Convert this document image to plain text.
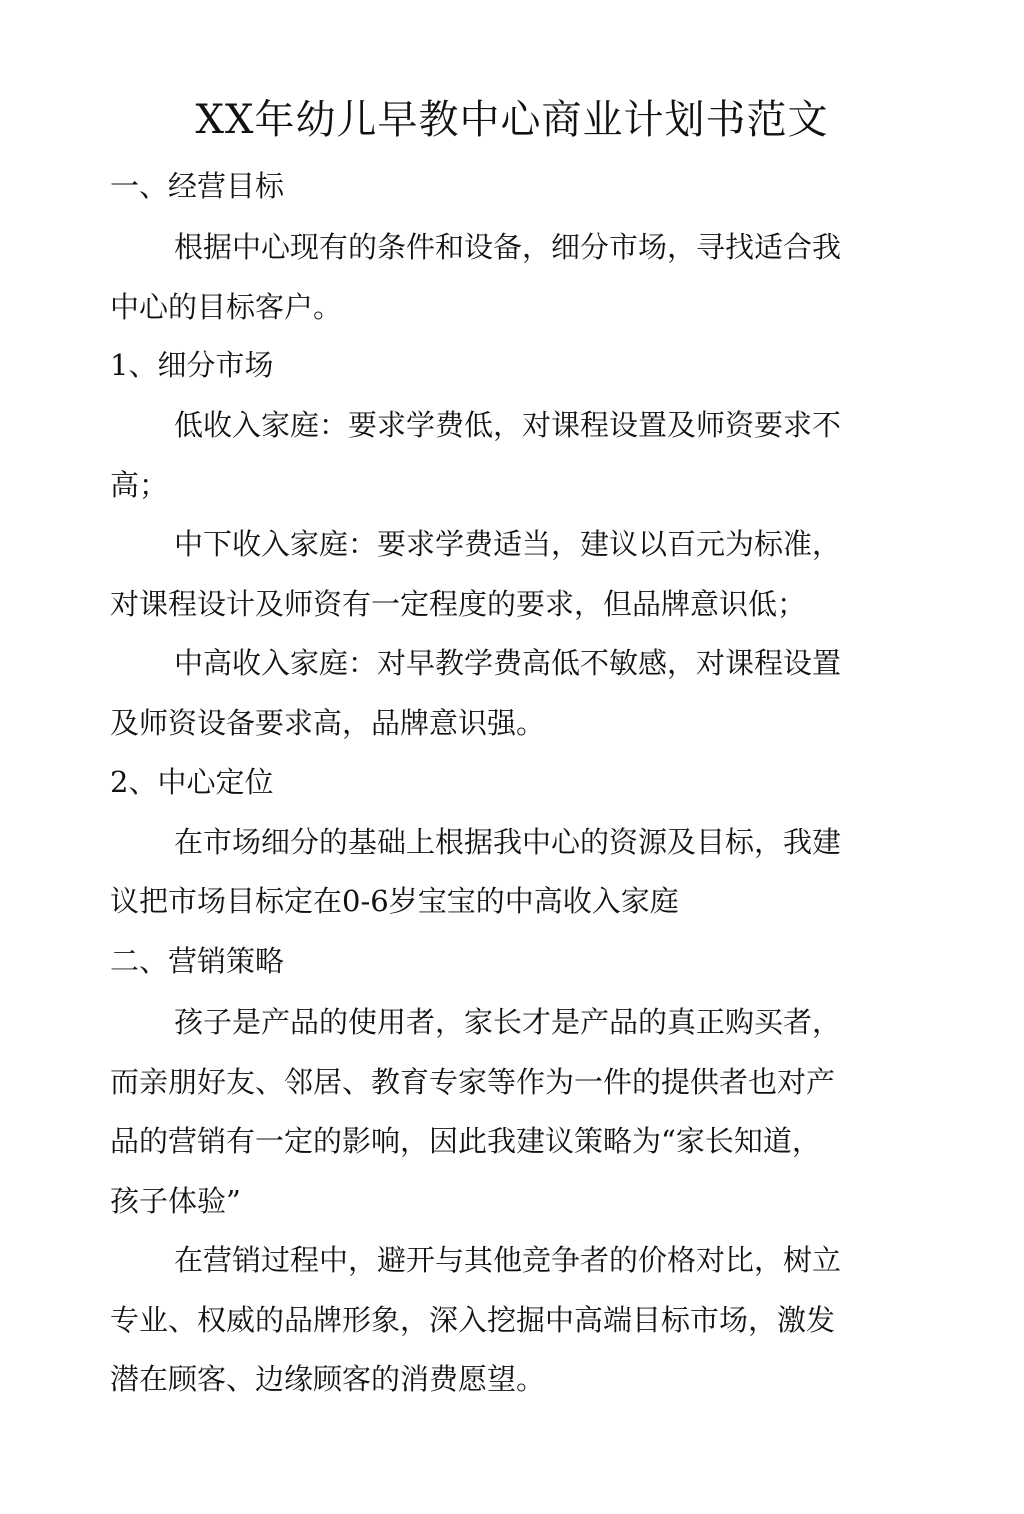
XX年幼儿早教中心商业计划书范文

一、经营目标

根据中心现有的条件和设备，细分市场，寻找适合我

中心的目标客户。

1、细分市场

低收入家庭：要求学费低，对课程设置及师资要求不

高；

中下收入家庭：要求学费适当，建议以百元为标准，

对课程设计及师资有一定程度的要求，但品牌意识低；

中高收入家庭：对早教学费高低不敏感，对课程设置

及师资设备要求高，品牌意识强。

2、中心定位

在市场细分的基础上根据我中心的资源及目标，我建

议把市场目标定在0-6岁宝宝的中高收入家庭

二、营销策略

孩子是产品的使用者，家长才是产品的真正购买者，

而亲朋好友、邻居、教育专家等作为一件的提供者也对产

品的营销有一定的影响，因此我建议策略为“家长知道，

孩子体验”

在营销过程中，避开与其他竞争者的价格对比，树立

专业、权威的品牌形象，深入挖掘中高端目标市场，激发

潜在顾客、边缘顾客的消费愿望。
